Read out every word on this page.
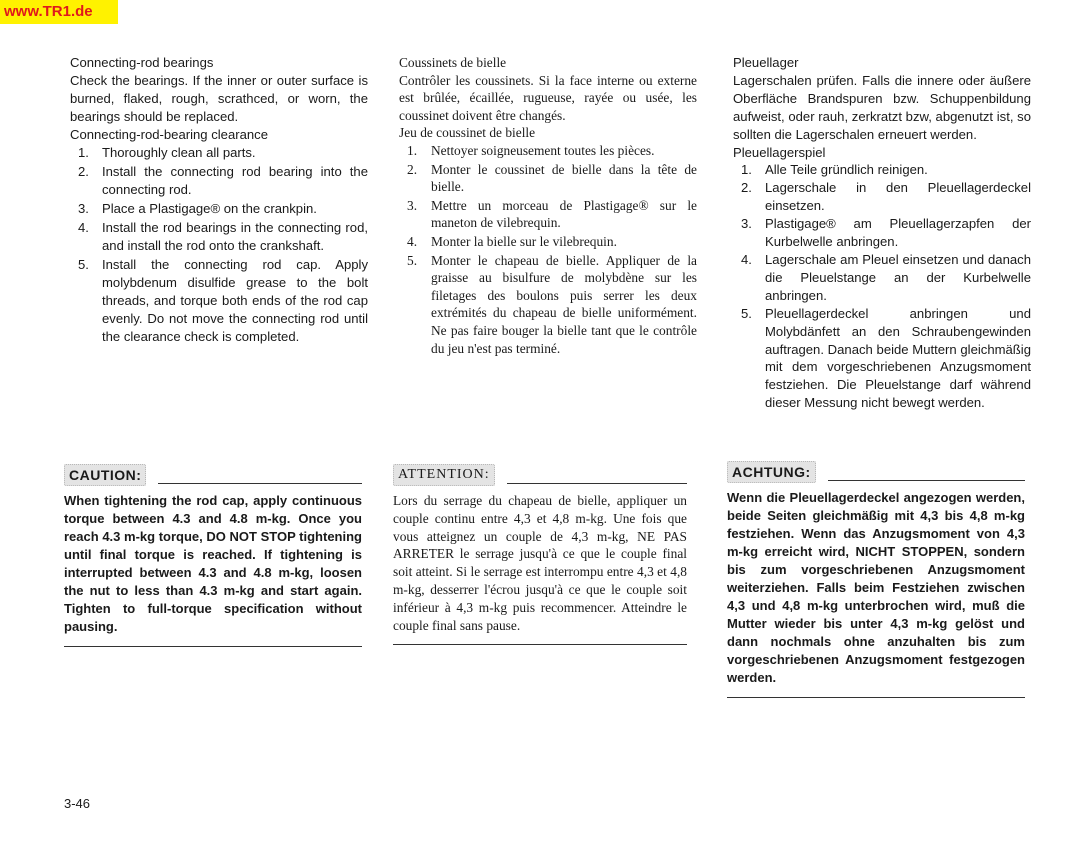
www.TR1.de

Connecting-rod bearings

Check the bearings. If the inner or outer surface is burned, flaked, rough, scrathced, or worn, the bearings should be replaced.

Connecting-rod-bearing clearance

1. Thoroughly clean all parts.
2. Install the connecting rod bearing into the connecting rod.
3. Place a Plastigage® on the crankpin.
4. Install the rod bearings in the connecting rod, and install the rod onto the crankshaft.
5. Install the connecting rod cap. Apply molybdenum disulfide grease to the bolt threads, and torque both ends of the rod cap evenly. Do not move the connecting rod until the clearance check is completed.

Coussinets de bielle

Contrôler les coussinets. Si la face interne ou externe est brûlée, écaillée, rugueuse, rayée ou usée, les coussinet doivent être changés.

Jeu de coussinet de bielle

1. Nettoyer soigneusement toutes les pièces.
2. Monter le coussinet de bielle dans la tête de bielle.
3. Mettre un morceau de Plastigage® sur le maneton de vilebrequin.
4. Monter la bielle sur le vilebrequin.
5. Monter le chapeau de bielle. Appliquer de la graisse au bisulfure de molybdène sur les filetages des boulons puis serrer les deux extrémités du chapeau de bielle uniformément. Ne pas faire bouger la bielle tant que le contrôle du jeu n'est pas terminé.

Pleuellager

Lagerschalen prüfen. Falls die innere oder äußere Oberfläche Brandspuren bzw. Schuppenbildung aufweist, oder rauh, zerkratzt bzw, abgenutzt ist, so sollten die Lagerschalen erneuert werden.

Pleuellagerspiel

1. Alle Teile gründlich reinigen.
2. Lagerschale in den Pleuellagerdeckel einsetzen.
3. Plastigage® am Pleuellagerzapfen der Kurbelwelle anbringen.
4. Lagerschale am Pleuel einsetzen und danach die Pleuelstange an der Kurbelwelle anbringen.
5. Pleuellagerdeckel anbringen und Molybdänfett an den Schraubengewinden auftragen. Danach beide Muttern gleichmäßig mit dem vorgeschriebenen Anzugsmoment festziehen. Die Pleuelstange darf während dieser Messung nicht bewegt werden.
CAUTION:

When tightening the rod cap, apply continuous torque between 4.3 and 4.8 m-kg. Once you reach 4.3 m-kg torque, DO NOT STOP tightening until final torque is reached. If tightening is interrupted between 4.3 and 4.8 m-kg, loosen the nut to less than 4.3 m-kg and start again. Tighten to full-torque specification without pausing.

ATTENTION:

Lors du serrage du chapeau de bielle, appliquer un couple continu entre 4,3 et 4,8 m-kg. Une fois que vous atteignez un couple de 4,3 m-kg, NE PAS ARRETER le serrage jusqu'à ce que le couple final soit atteint. Si le serrage est interrompu entre 4,3 et 4,8 m-kg, desserrer l'écrou jusqu'à ce que le couple soit inférieur à 4,3 m-kg puis recommencer. Atteindre le couple final sans pause.

ACHTUNG:

Wenn die Pleuellagerdeckel angezogen werden, beide Seiten gleichmäßig mit 4,3 bis 4,8 m-kg festziehen. Wenn das Anzugsmoment von 4,3 m-kg erreicht wird, NICHT STOPPEN, sondern bis zum vorgeschriebenen Anzugsmoment weiterziehen. Falls beim Festziehen zwischen 4,3 und 4,8 m-kg unterbrochen wird, muß die Mutter wieder bis unter 4,3 m-kg gelöst und dann nochmals ohne anzuhalten bis zum vorgeschriebenen Anzugsmoment festgezogen werden.

3-46
